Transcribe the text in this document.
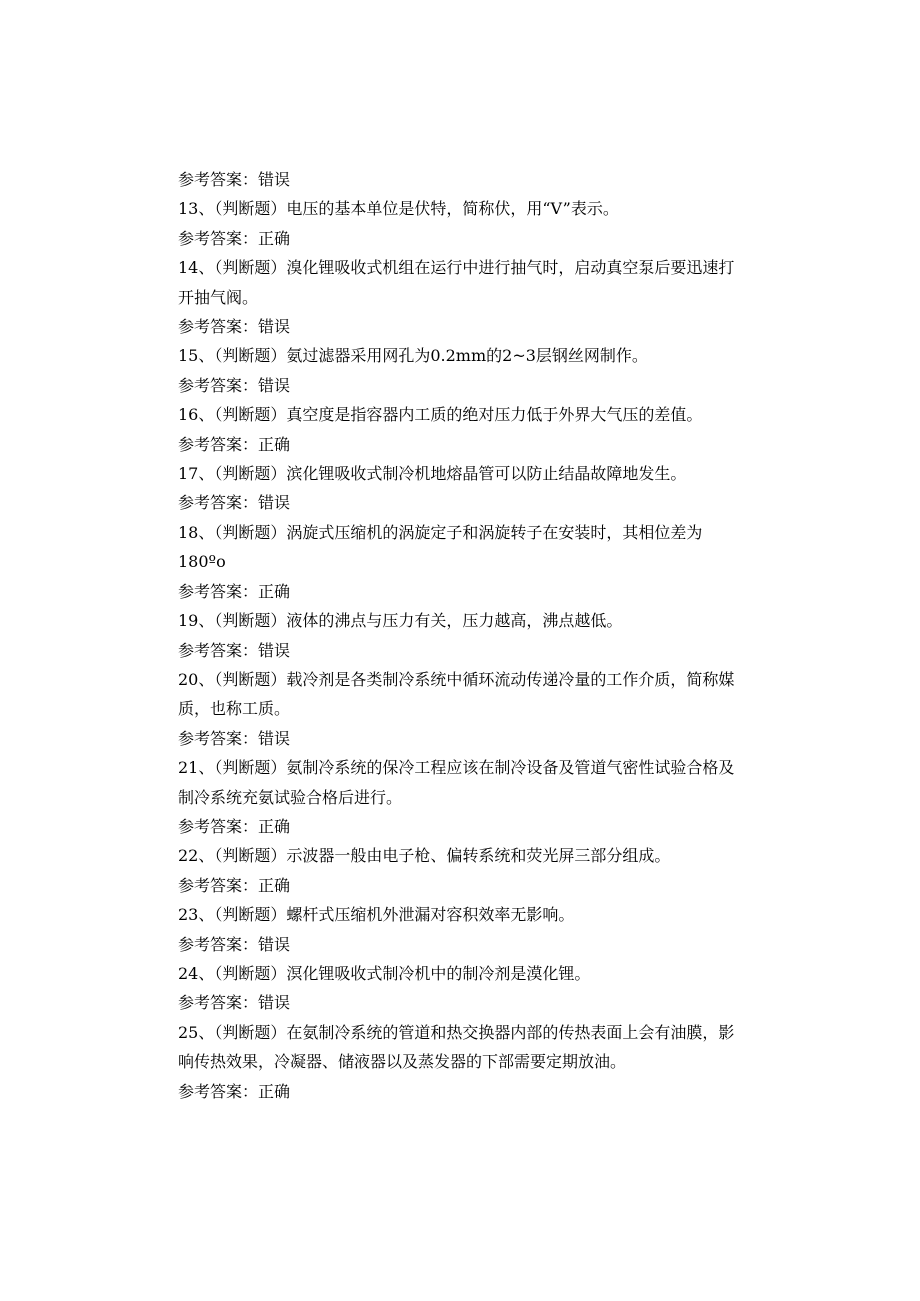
参考答案：错误
13、（判断题）电压的基本单位是伏特，简称伏，用“V”表示。
参考答案：正确
14、（判断题）溴化锂吸收式机组在运行中进行抽气时，启动真空泵后要迅速打开抽气阀。
参考答案：错误
15、（判断题）氨过滤器采用网孔为0.2mm的2~3层钢丝网制作。
参考答案：错误
16、（判断题）真空度是指容器内工质的绝对压力低于外界大气压的差值。
参考答案：正确
17、（判断题）滨化锂吸收式制冷机地熔晶管可以防止结晶故障地发生。
参考答案：错误
18、（判断题）涡旋式压缩机的涡旋定子和涡旋转子在安装时，其相位差为180ºo
参考答案：正确
19、（判断题）液体的沸点与压力有关，压力越高，沸点越低。
参考答案：错误
20、（判断题）载冷剂是各类制冷系统中循环流动传递冷量的工作介质，简称媒质，也称工质。
参考答案：错误
21、（判断题）氨制冷系统的保冷工程应该在制冷设备及管道气密性试验合格及制冷系统充氨试验合格后进行。
参考答案：正确
22、（判断题）示波器一般由电子枪、偏转系统和荧光屏三部分组成。
参考答案：正确
23、（判断题）螺杆式压缩机外泄漏对容积效率无影响。
参考答案：错误
24、（判断题）溟化锂吸收式制冷机中的制冷剂是漠化锂。
参考答案：错误
25、（判断题）在氨制冷系统的管道和热交换器内部的传热表面上会有油膜，影响传热效果，冷凝器、储液器以及蒸发器的下部需要定期放油。
参考答案：正确
